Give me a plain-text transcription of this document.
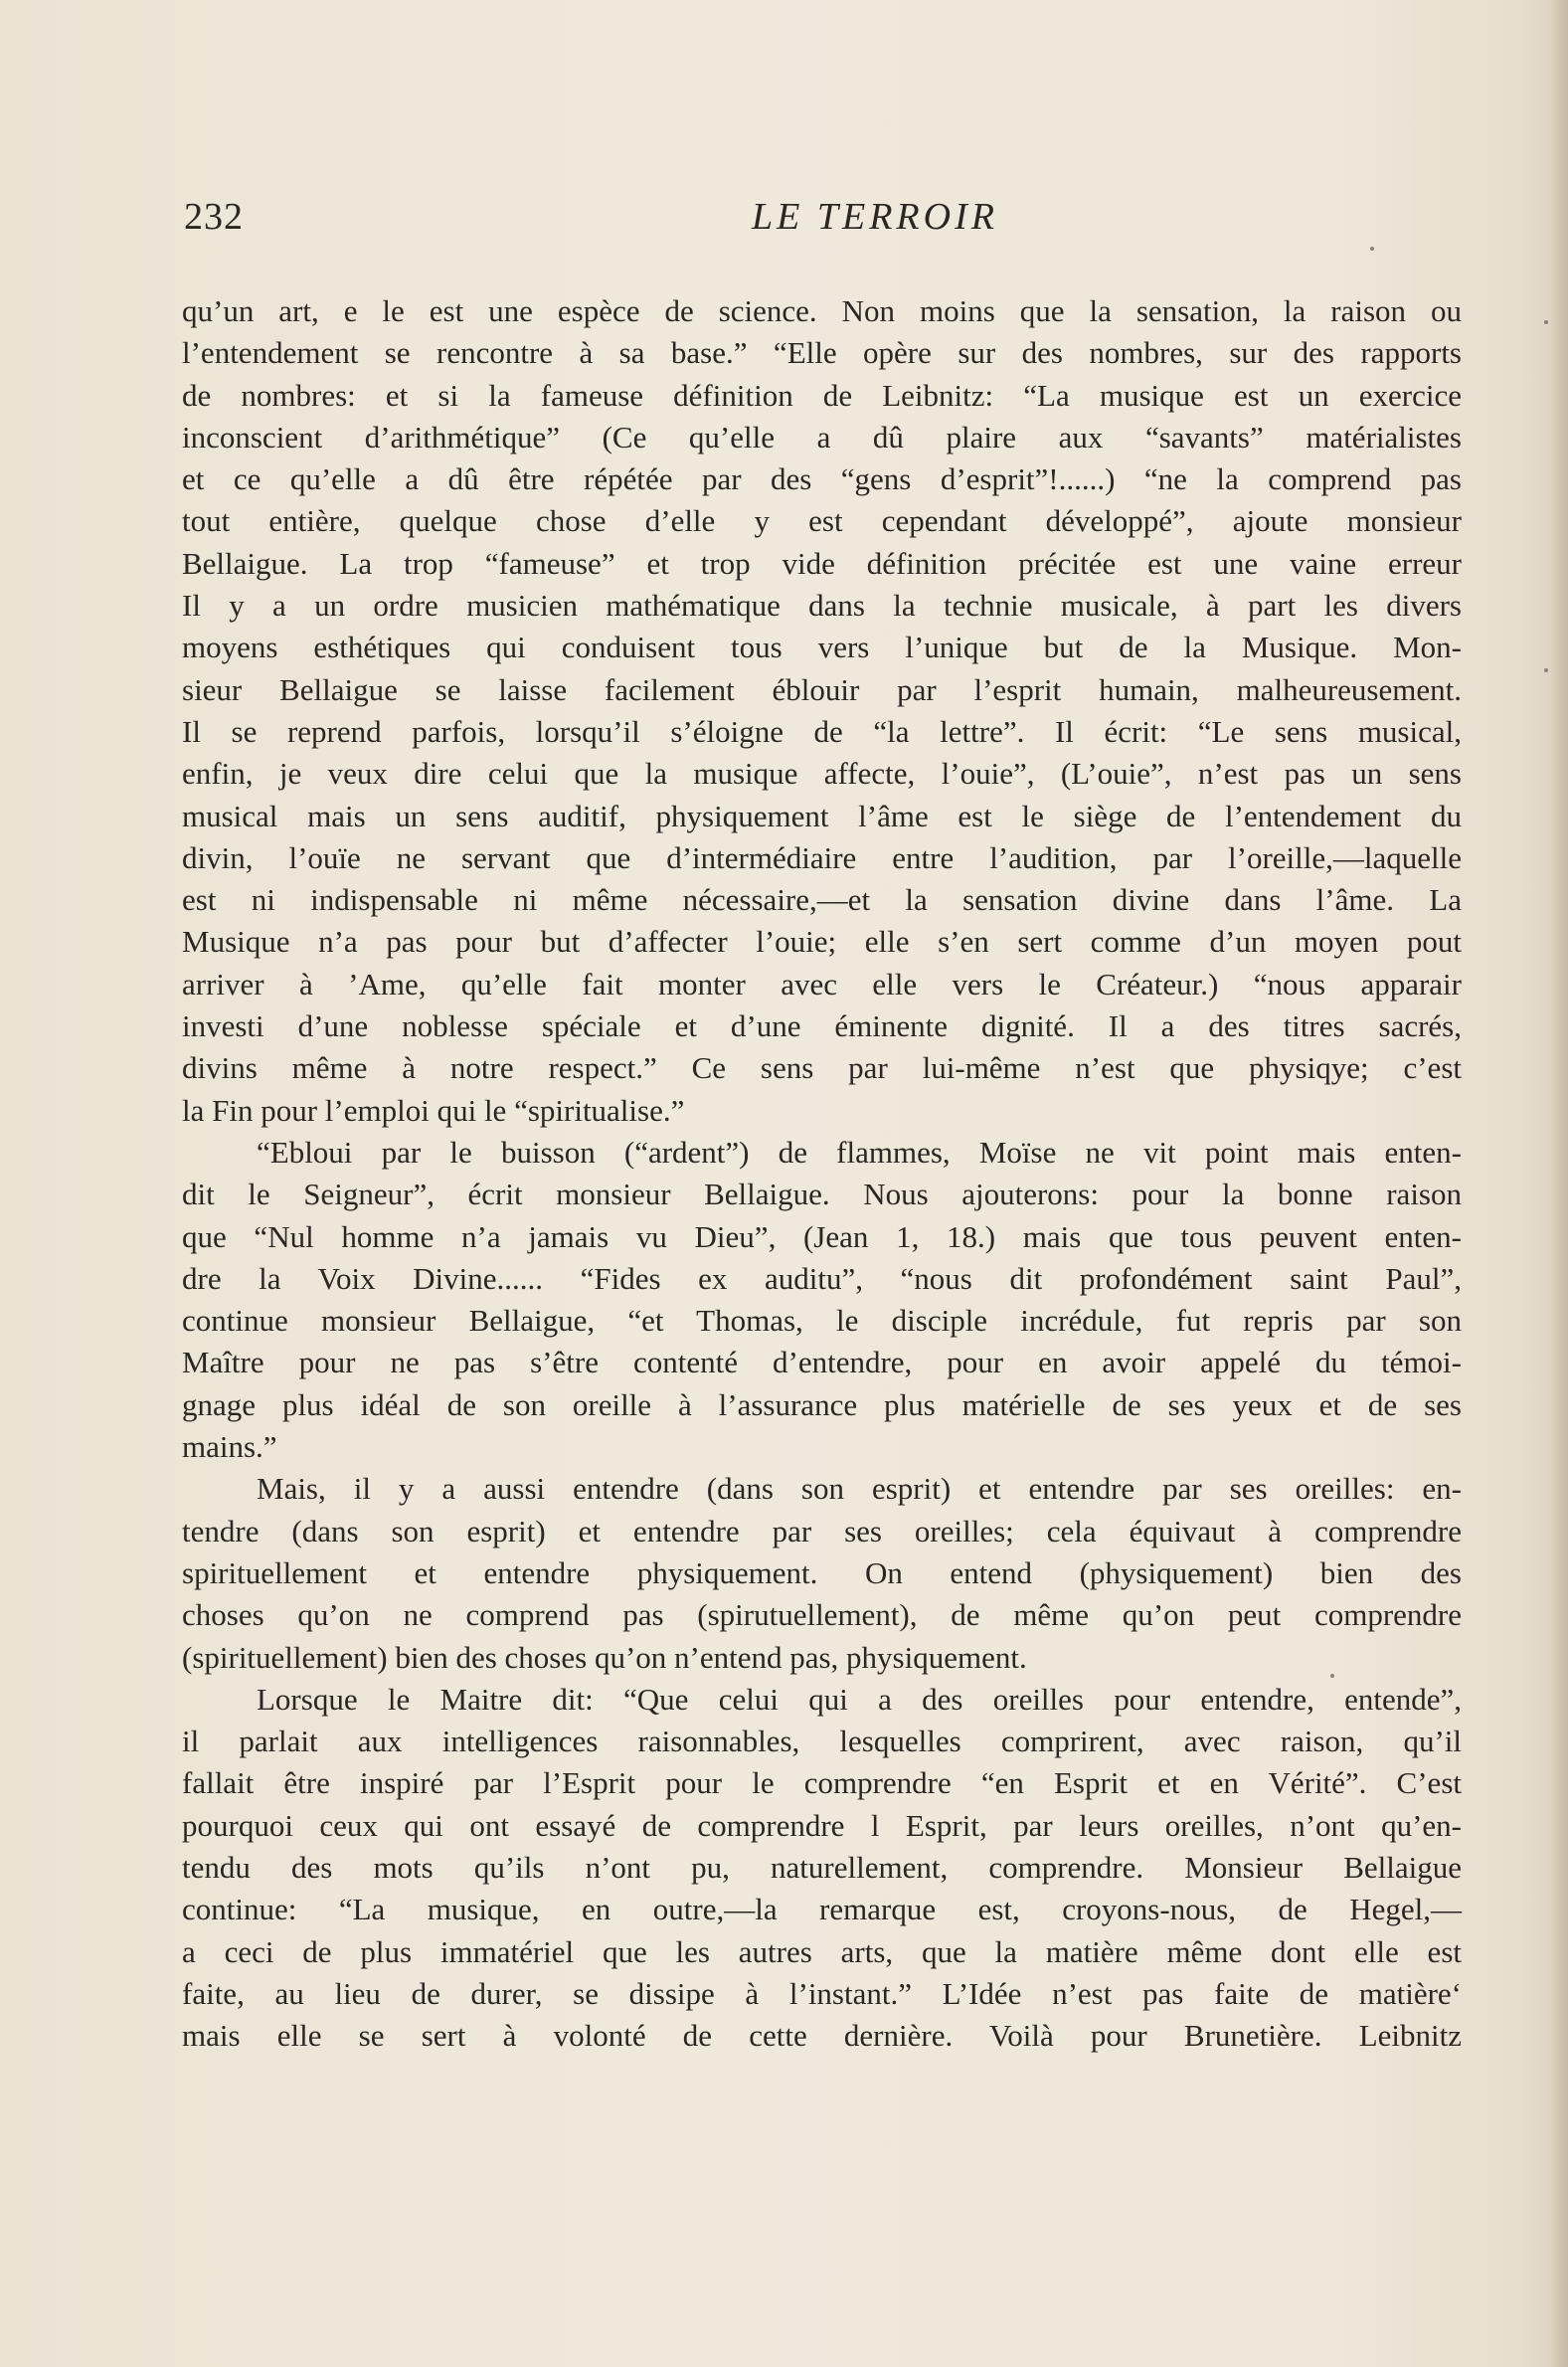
232	LE TERROIR
qu’un art, e le est une espèce de science. Non moins que la sensation, la raison ou
l’entendement se rencontre à sa base.” “Elle opère sur des nombres, sur des rapports
de nombres: et si la fameuse définition de Leibnitz: “La musique est un exercice
inconscient d’arithmétique” (Ce qu’elle a dû plaire aux “savants” matérialistes
et ce qu’elle a dû être répétée par des “gens d’esprit”!......) “ne la comprend pas
tout entière, quelque chose d’elle y est cependant développé”, ajoute monsieur
Bellaigue. La trop “fameuse” et trop vide définition précitée est une vaine erreur
Il y a un ordre musicien mathématique dans la technie musicale, à part les divers
moyens esthétiques qui conduisent tous vers l’unique but de la Musique. Mon-
sieur Bellaigue se laisse facilement éblouir par l’esprit humain, malheureusement.
Il se reprend parfois, lorsqu’il s’éloigne de “la lettre”. Il écrit: “Le sens musical,
enfin, je veux dire celui que la musique affecte, l’ouie”, (L’ouie”, n’est pas un sens
musical mais un sens auditif, physiquement l’âme est le siège de l’entendement du
divin, l’ouïe ne servant que d’intermédiaire entre l’audition, par l’oreille,—laquelle
est ni indispensable ni même nécessaire,—et la sensation divine dans l’âme. La
Musique n’a pas pour but d’affecter l’ouie; elle s’en sert comme d’un moyen pout
arriver à ’Ame, qu’elle fait monter avec elle vers le Créateur.) “nous apparair
investi d’une noblesse spéciale et d’une éminente dignité. Il a des titres sacrés,
divins même à notre respect.” Ce sens par lui-même n’est que physiqye; c’est
la Fin pour l’emploi qui le “spiritualise.”
“Ebloui par le buisson (“ardent”) de flammes, Moïse ne vit point mais enten-
dit le Seigneur”, écrit monsieur Bellaigue. Nous ajouterons: pour la bonne raison
que “Nul homme n’a jamais vu Dieu”, (Jean 1, 18.) mais que tous peuvent enten-
dre la Voix Divine...... “Fides ex auditu”, “nous dit profondément saint Paul”,
continue monsieur Bellaigue, “et Thomas, le disciple incrédule, fut repris par son
Maître pour ne pas s’être contenté d’entendre, pour en avoir appelé du témoi-
gnage plus idéal de son oreille à l’assurance plus matérielle de ses yeux et de ses
mains.”
Mais, il y a aussi entendre (dans son esprit) et entendre par ses oreilles: en-
tendre (dans son esprit) et entendre par ses oreilles; cela équivaut à comprendre
spirituellement et entendre physiquement. On entend (physiquement) bien des
choses qu’on ne comprend pas (spirutuellement), de même qu’on peut comprendre
(spirituellement) bien des choses qu’on n’entend pas, physiquement.
Lorsque le Maitre dit: “Que celui qui a des oreilles pour entendre, entende”,
il parlait aux intelligences raisonnables, lesquelles comprirent, avec raison, qu’il
fallait être inspiré par l’Esprit pour le comprendre “en Esprit et en Vérité”. C’est
pourquoi ceux qui ont essayé de comprendre l Esprit, par leurs oreilles, n’ont qu’en-
tendu des mots qu’ils n’ont pu, naturellement, comprendre. Monsieur Bellaigue
continue: “La musique, en outre,—la remarque est, croyons-nous, de Hegel,—
a ceci de plus immatériel que les autres arts, que la matière même dont elle est
faite, au lieu de durer, se dissipe à l’instant.” L’Idée n’est pas faite de matière‘
mais elle se sert à volonté de cette dernière. Voilà pour Brunetière. Leibnitz
